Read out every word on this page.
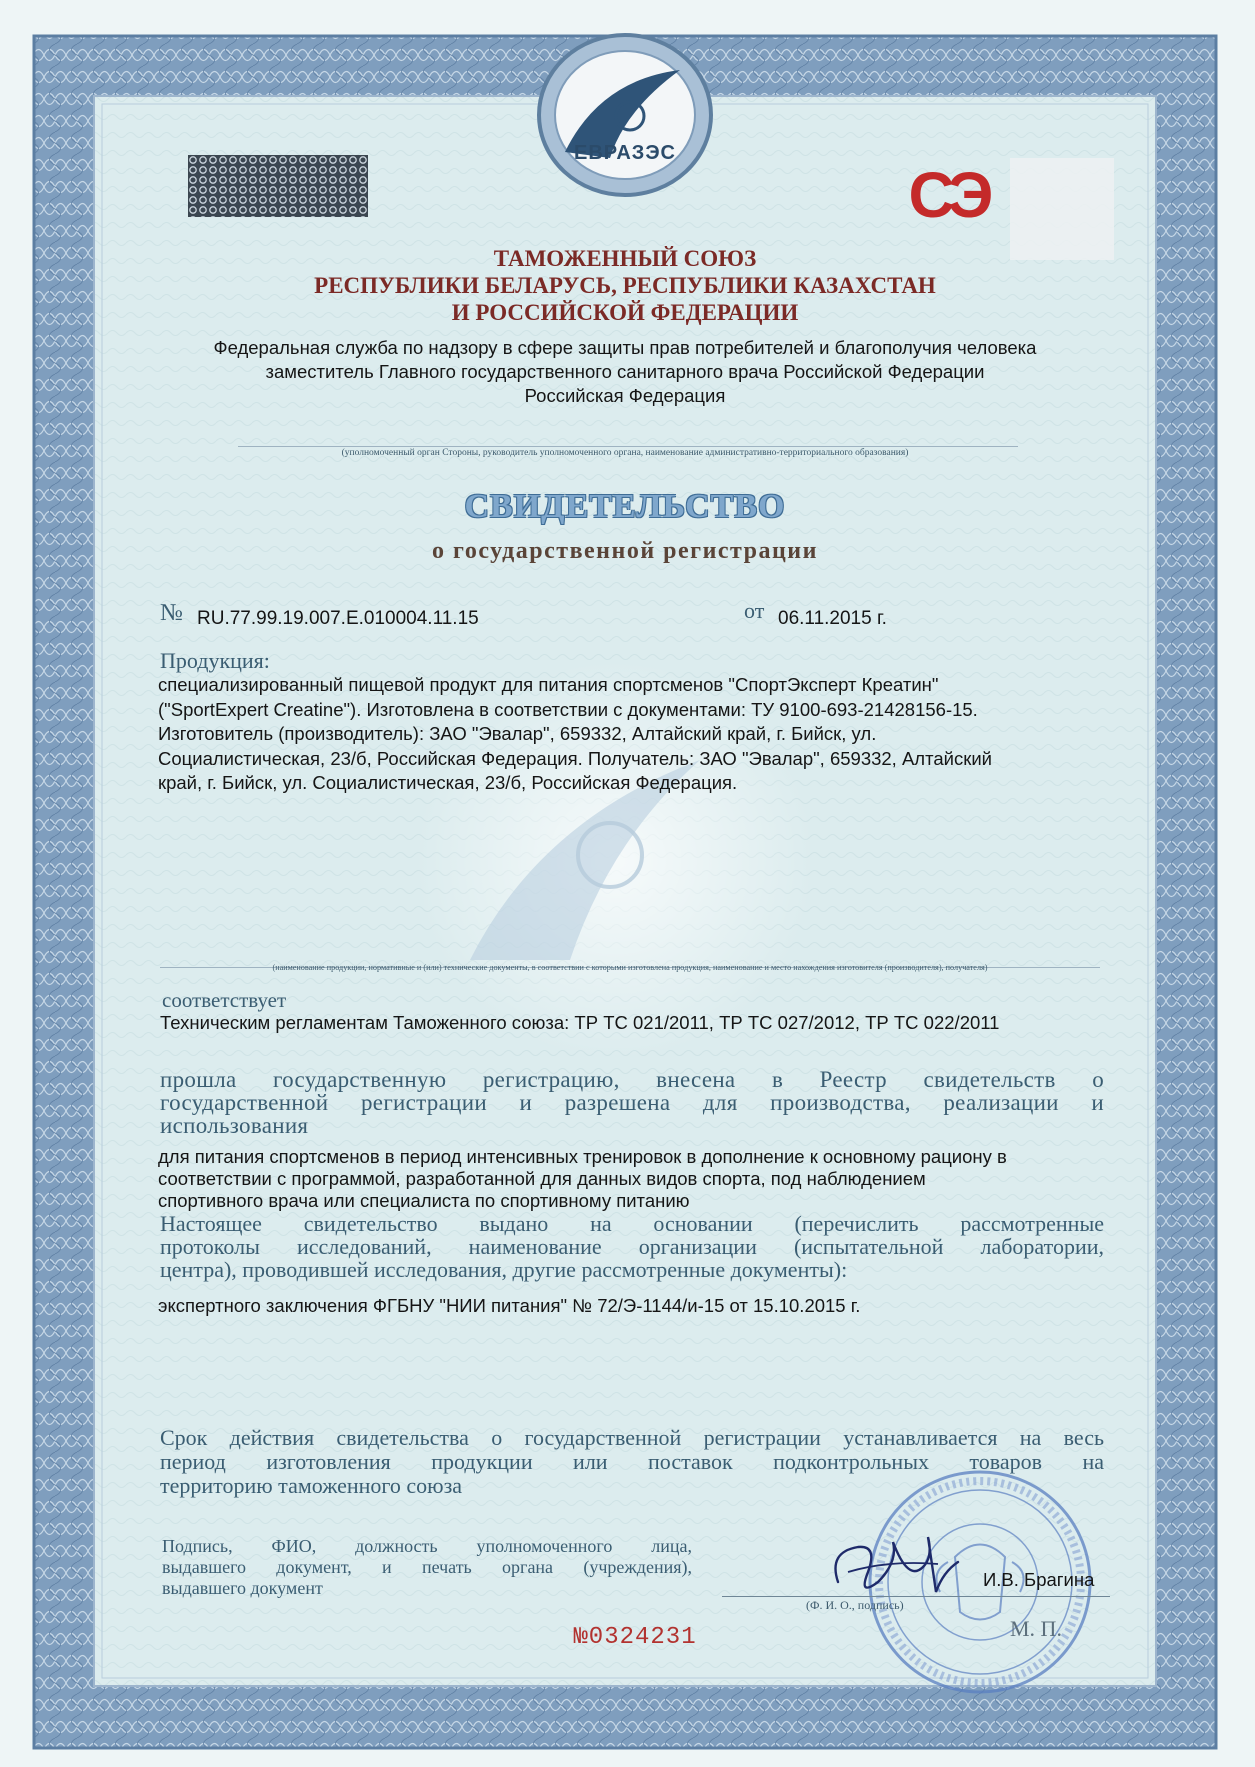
ЕВРАЗЭС
СЭ
ТАМОЖЕННЫЙ СОЮЗ
РЕСПУБЛИКИ БЕЛАРУСЬ, РЕСПУБЛИКИ КАЗАХСТАН
И РОССИЙСКОЙ ФЕДЕРАЦИИ
Федеральная служба по надзору в сфере защиты прав потребителей и благополучия человека
заместитель Главного государственного санитарного врача Российской Федерации
Российская Федерация
(уполномоченный орган Стороны, руководитель уполномоченного органа, наименование административно-территориального образования)
СВИДЕТЕЛЬСТВО
о государственной регистрации
№ RU.77.99.19.007.Е.010004.11.15	от 06.11.2015 г.
Продукция:
специализированный пищевой продукт для питания спортсменов "СпортЭксперт Креатин"
("SportExpert Creatine"). Изготовлена в соответствии с документами: ТУ 9100-693-21428156-15.
Изготовитель (производитель): ЗАО "Эвалар", 659332, Алтайский край, г. Бийск, ул.
Социалистическая, 23/б, Российская Федерация. Получатель: ЗАО "Эвалар", 659332, Алтайский
край, г. Бийск, ул. Социалистическая, 23/б, Российская Федерация.
(наименование продукции, нормативные и (или) технические документы, в соответствии с которыми изготовлена продукция, наименование и место нахождения изготовителя (производителя), получателя)
соответствует
Техническим регламентам Таможенного союза: ТР ТС 021/2011, ТР ТС 027/2012, ТР ТС 022/2011
прошла государственную регистрацию, внесена в Реестр свидетельств о
государственной регистрации и разрешена для производства, реализации и
использования
для питания спортсменов в период интенсивных тренировок в дополнение к основному рациону в
соответствии с программой, разработанной для данных видов спорта, под наблюдением
спортивного врача или специалиста по спортивному питанию
Настоящее свидетельство выдано на основании (перечислить рассмотренные
протоколы исследований, наименование организации (испытательной лаборатории,
центра), проводившей исследования, другие рассмотренные документы):
экспертного заключения ФГБНУ "НИИ питания" № 72/Э-1144/и-15 от 15.10.2015 г.
Срок действия свидетельства о государственной регистрации устанавливается на весь
период изготовления продукции или поставок подконтрольных товаров на
территорию таможенного союза
Подпись, ФИО, должность уполномоченного лица,
выдавшего документ, и печать органа (учреждения),
выдавшего документ	И.В. Брагина
(Ф. И. О., подпись)
М. П.
№0324231
